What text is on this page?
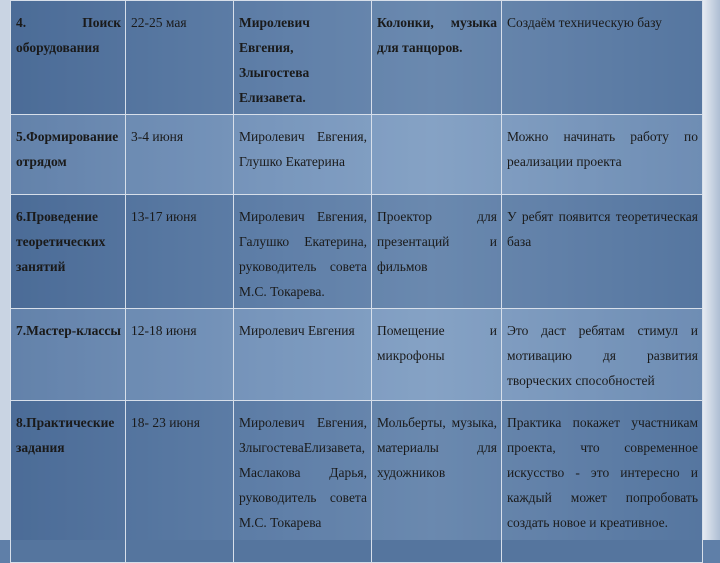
4. Поиск оборудования	22-25 мая	Миролевич Евгения, Злыгостева Елизавета.	Колонки, музыка для танцоров.	Создаём техническую базу
5.Формирование отрядом	3-4 июня	Миролевич Евгения, Глушко Екатерина		Можно начинать работу по реализации проекта
6.Проведение теоретических занятий	13-17 июня	Миролевич Евгения, Галушко Екатерина, руководитель совета М.С. Токарева.	Проектор для презентаций и фильмов	У ребят появится теоретическая база
7.Мастер-классы	12-18 июня	Миролевич Евгения	Помещение и микрофоны	Это даст ребятам стимул и мотивацию дя развития творческих способностей
8.Практические задания	18- 23 июня	Миролевич Евгения, ЗлыгостеваЕлизавета, Маслакова Дарья, руководитель совета М.С. Токарева	Мольберты, музыка, материалы для художников	Практика покажет участникам проекта, что современное искусство - это интересно и каждый может попробовать создать новое и креативное.
